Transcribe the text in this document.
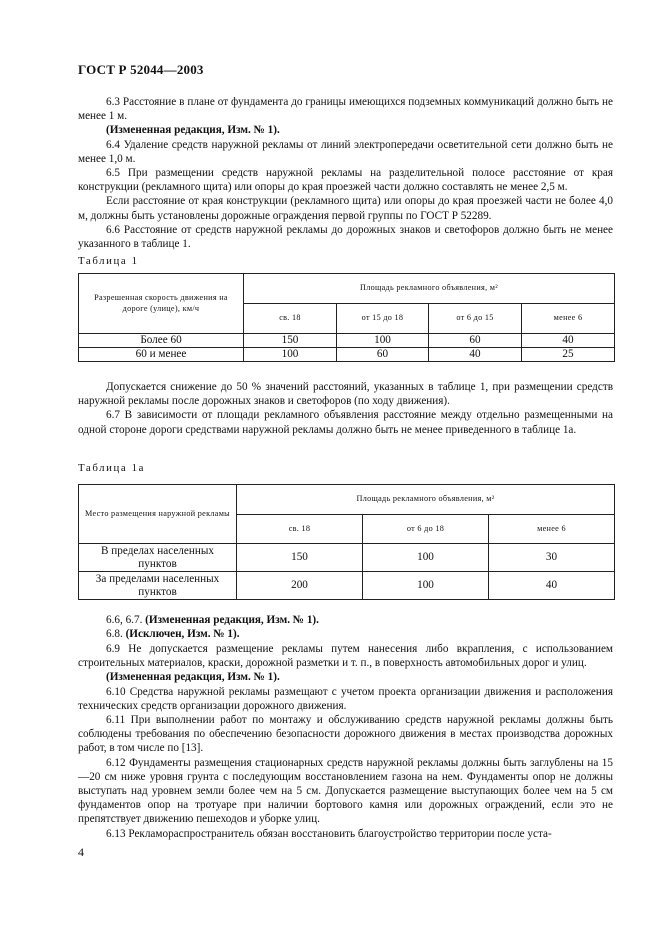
ГОСТ Р 52044—2003

6.3 Расстояние в плане от фундамента до границы имеющихся подземных коммуникаций должно быть не менее 1 м.

(Измененная редакция, Изм. № 1).

6.4 Удаление средств наружной рекламы от линий электропередачи осветительной сети должно быть не менее 1,0 м.

6.5 При размещении средств наружной рекламы на разделительной полосе расстояние от края конструкции (рекламного щита) или опоры до края проезжей части должно составлять не менее 2,5 м.

Если расстояние от края конструкции (рекламного щита) или опоры до края проезжей части не более 4,0 м, должны быть установлены дорожные ограждения первой группы по ГОСТ Р 52289.

6.6 Расстояние от средств наружной рекламы до дорожных знаков и светофоров должно быть не менее указанного в таблице 1.

Таблица 1
Разрешенная скорость движения на дороге (улице), км/ч	Площадь рекламного объявления, м²			
	св. 18	от 15 до 18	от 6 до 15	менее 6
Более 60	150	100	60	40
60 и менее	100	60	40	25

Допускается снижение до 50 % значений расстояний, указанных в таблице 1, при размещении средств наружной рекламы после дорожных знаков и светофоров (по ходу движения).

6.7 В зависимости от площади рекламного объявления расстояние между отдельно размещенными на одной стороне дороги средствами наружной рекламы должно быть не менее приведенного в таблице 1а.

Таблица 1а
Место размещения наружной рекламы	Площадь рекламного объявления, м²		
	св. 18	от 6 до 18	менее 6
В пределах населенных пунктов	150	100	30
За пределами населенных пунктов	200	100	40

6.6, 6.7. (Измененная редакция, Изм. № 1).

6.8. (Исключен, Изм. № 1).

6.9 Не допускается размещение рекламы путем нанесения либо вкрапления, с использованием строительных материалов, краски, дорожной разметки и т. п., в поверхность автомобильных дорог и улиц.

(Измененная редакция, Изм. № 1).

6.10 Средства наружной рекламы размещают с учетом проекта организации движения и расположения технических средств организации дорожного движения.

6.11 При выполнении работ по монтажу и обслуживанию средств наружной рекламы должны быть соблюдены требования по обеспечению безопасности дорожного движения в местах производства дорожных работ, в том числе по [13].

6.12 Фундаменты размещения стационарных средств наружной рекламы должны быть заглублены на 15—20 см ниже уровня грунта с последующим восстановлением газона на нем. Фундаменты опор не должны выступать над уровнем земли более чем на 5 см. Допускается размещение выступающих более чем на 5 см фундаментов опор на тротуаре при наличии бортового камня или дорожных ограждений, если это не препятствует движению пешеходов и уборке улиц.

6.13 Рекламораспространитель обязан восстановить благоустройство территории после уста-

4
